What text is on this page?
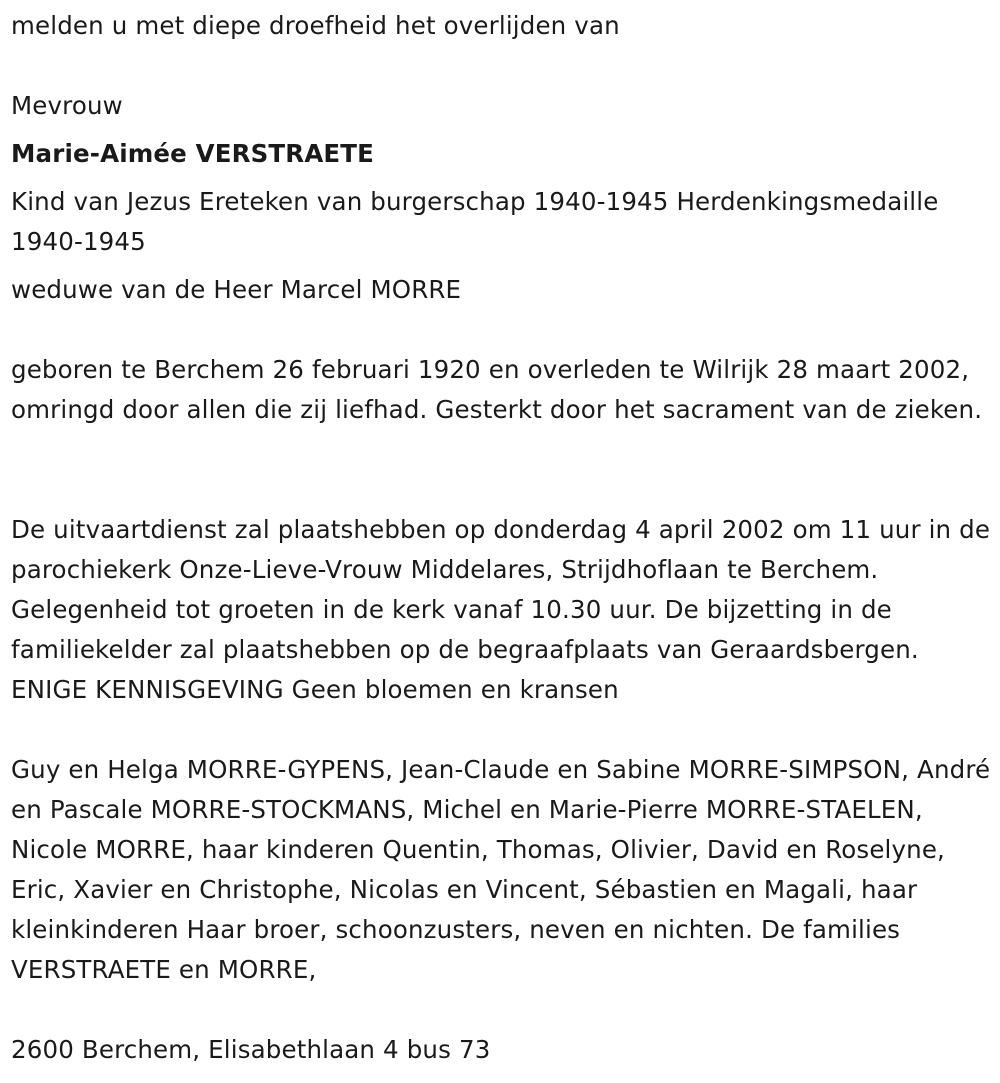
melden u met diepe droefheid het overlijden van

Mevrouw

Marie-Aimée VERSTRAETE

Kind van Jezus Ereteken van burgerschap 1940-1945 Herdenkingsmedaille 1940-1945

weduwe van de Heer Marcel MORRE

geboren te Berchem 26 februari 1920 en overleden te Wilrijk 28 maart 2002, omringd door allen die zij liefhad. Gesterkt door het sacrament van de zieken.

De uitvaartdienst zal plaatshebben op donderdag 4 april 2002 om 11 uur in de parochiekerk Onze-Lieve-Vrouw Middelares, Strijdhoflaan te Berchem. Gelegenheid tot groeten in de kerk vanaf 10.30 uur. De bijzetting in de familiekelder zal plaatshebben op de begraafplaats van Geraardsbergen. ENIGE KENNISGEVING Geen bloemen en kransen

Guy en Helga MORRE-GYPENS, Jean-Claude en Sabine MORRE-SIMPSON, André en Pascale MORRE-STOCKMANS, Michel en Marie-Pierre MORRE-STAELEN, Nicole MORRE, haar kinderen Quentin, Thomas, Olivier, David en Roselyne, Eric, Xavier en Christophe, Nicolas en Vincent, Sébastien en Magali, haar kleinkinderen Haar broer, schoonzusters, neven en nichten. De families VERSTRAETE en MORRE,

2600 Berchem, Elisabethlaan 4 bus 73
